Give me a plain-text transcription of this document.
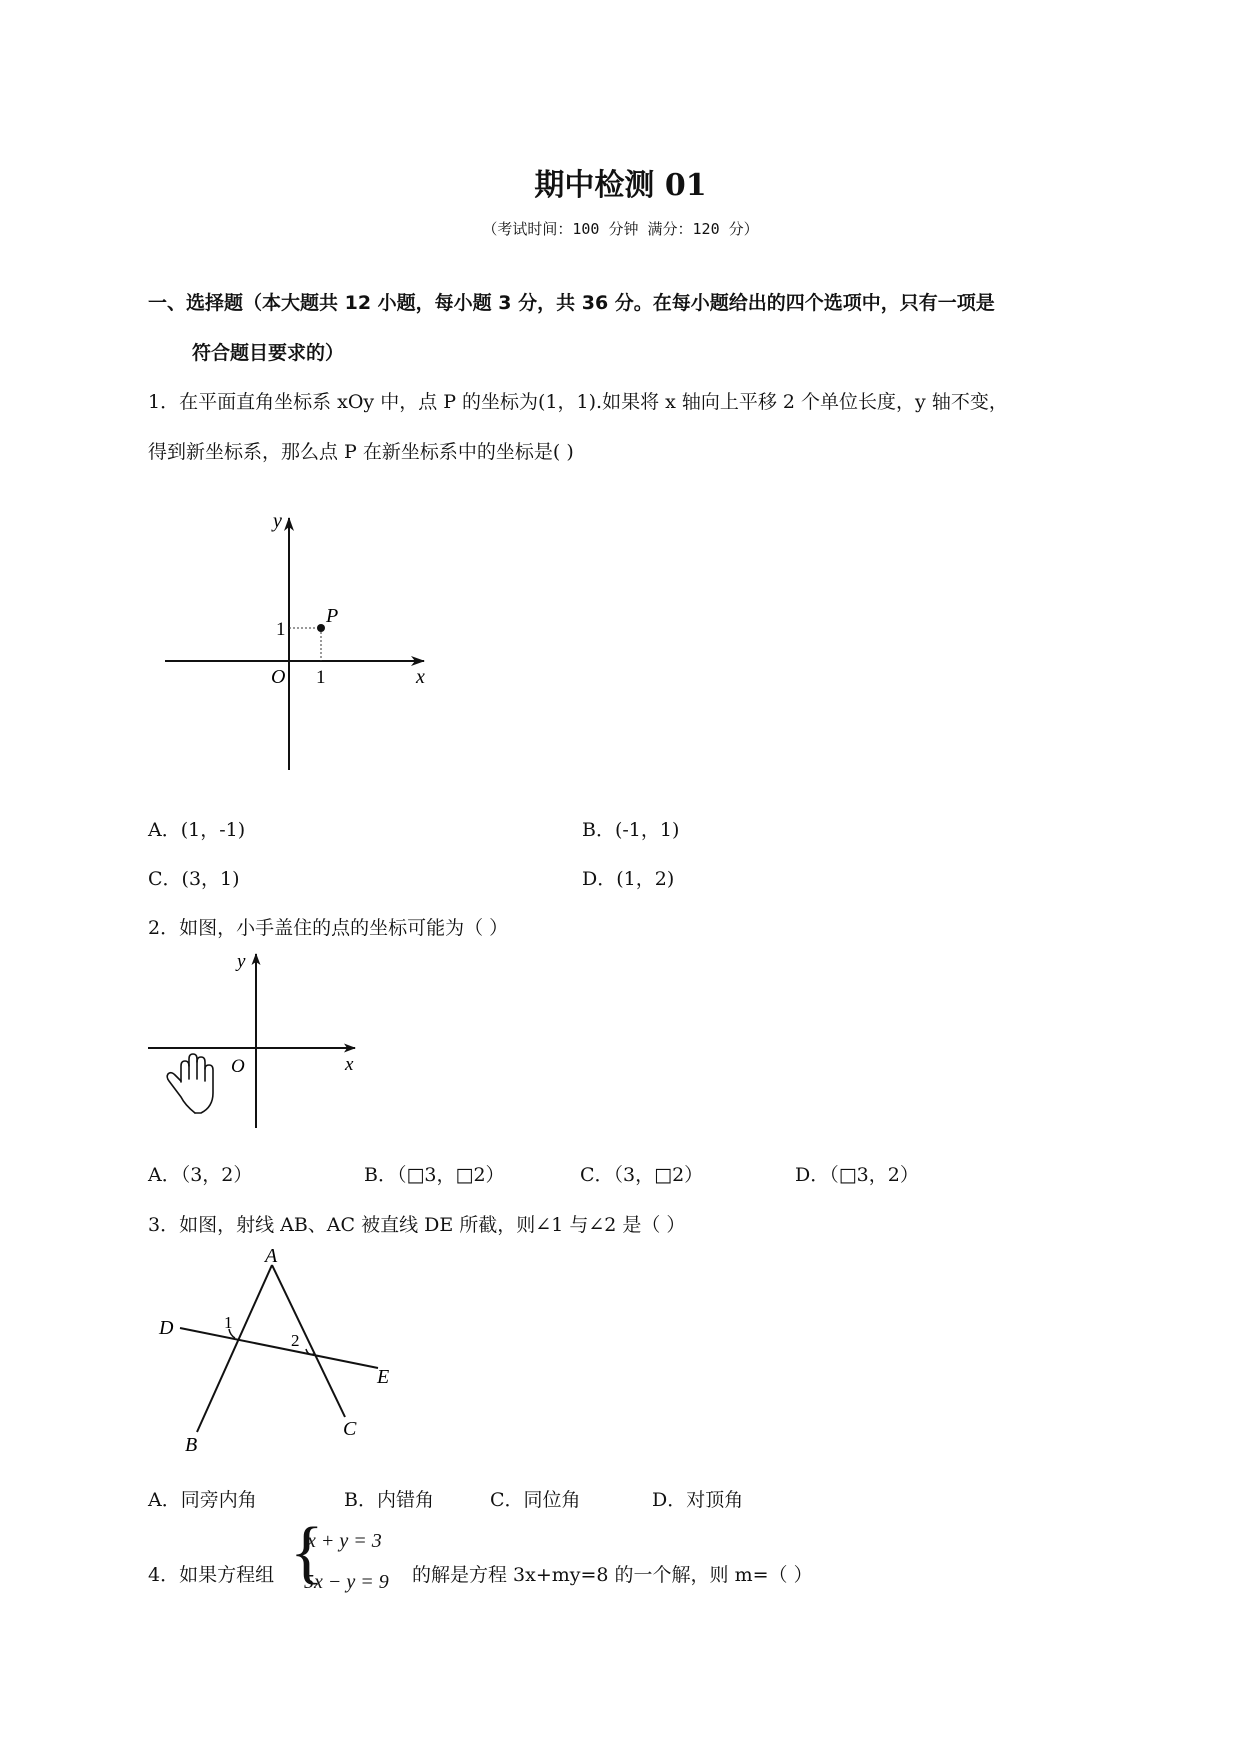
期中检测 01
（考试时间：100 分钟 满分：120 分）
一、选择题（本大题共 12 小题，每小题 3 分，共 36 分。在每小题给出的四个选项中，只有一项是
符合题目要求的）
1．在平面直角坐标系 xOy 中，点 P 的坐标为(1，1).如果将 x 轴向上平移 2 个单位长度，y 轴不变，
得到新坐标系，那么点 P 在新坐标系中的坐标是( )
y
x
O 1
1
P
A．(1，-1)	B．(-1，1)
C．(3，1)	D．(1，2)
2．如图，小手盖住的点的坐标可能为（ ）
y
x
O
A．（3，2）	B．（□3，□2）	C．（3，□2）	D．（□3，2）
3．如图，射线 AB、AC 被直线 DE 所截，则∠1 与∠2 是（ ）
A
D
E
B
C
1
2
A．同旁内角	B．内错角	C．同位角	D．对顶角
4．如果方程组 {
x + y = 3
5x − y = 9 的解是方程 3x+my=8 的一个解，则 m=（ ）
